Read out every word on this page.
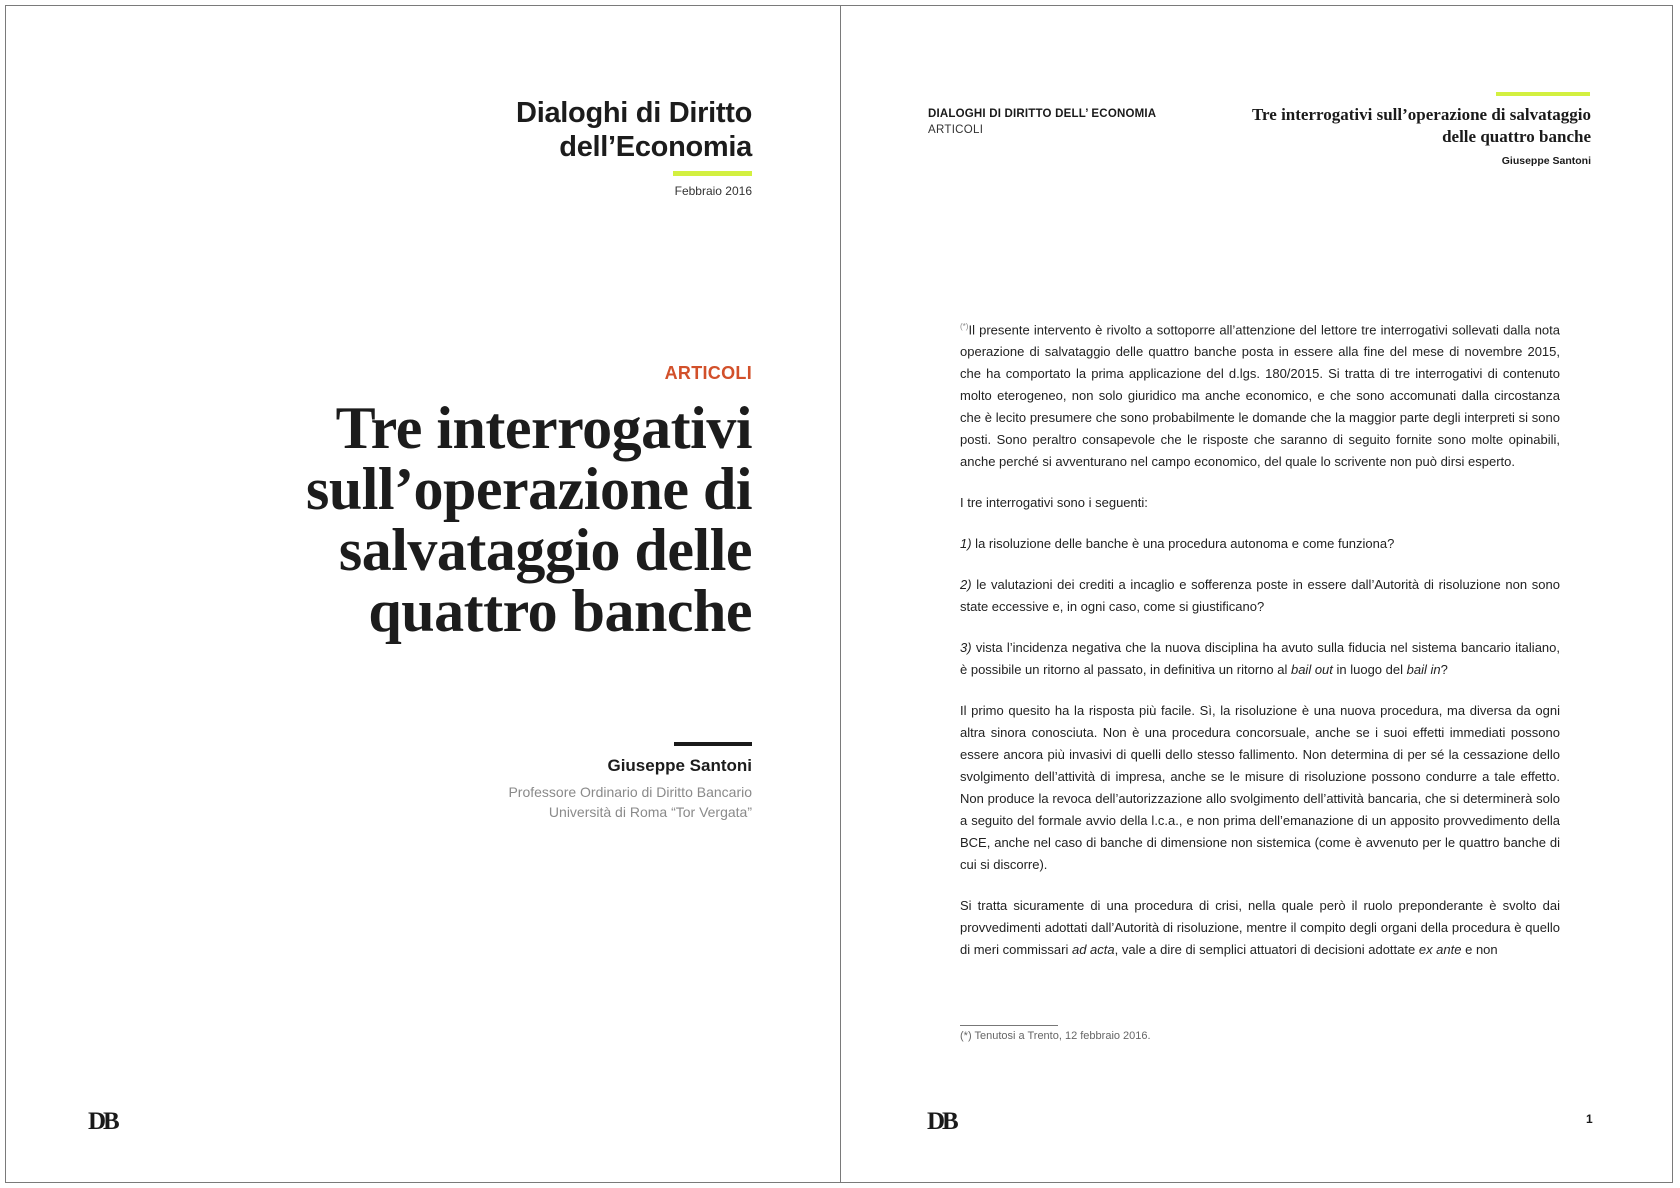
Dialoghi di Diritto
dell’Economia
Febbraio 2016
ARTICOLI
Tre interrogativi
sull’operazione di
salvataggio delle
quattro banche
Giuseppe Santoni
Professore Ordinario di Diritto Bancario
Università di Roma “Tor Vergata”
DB
DIALOGHI DI DIRITTO DELL’ ECONOMIA
ARTICOLI
Tre interrogativi sull’operazione di salvataggio
delle quattro banche
Giuseppe Santoni

(*)Il presente intervento è rivolto a sottoporre all’attenzione del lettore tre interrogativi sollevati dalla nota operazione di salvataggio delle quattro banche posta in essere alla fine del mese di novembre 2015, che ha comportato la prima applicazione del d.lgs. 180/2015. Si tratta di tre interrogativi di contenuto molto eterogeneo, non solo giuridico ma anche economico, e che sono accomunati dalla circostanza che è lecito presumere che sono probabilmente le domande che la maggior parte degli interpreti si sono posti. Sono peraltro consapevole che le risposte che saranno di seguito fornite sono molte opinabili, anche perché si avventurano nel campo economico, del quale lo scrivente non può dirsi esperto.

I tre interrogativi sono i seguenti:

1) la risoluzione delle banche è una procedura autonoma e come funziona?

2) le valutazioni dei crediti a incaglio e sofferenza poste in essere dall’Autorità di risoluzione non sono state eccessive e, in ogni caso, come si giustificano?

3) vista l’incidenza negativa che la nuova disciplina ha avuto sulla fiducia nel sistema bancario italiano, è possibile un ritorno al passato, in definitiva un ritorno al bail out in luogo del bail in?

Il primo quesito ha la risposta più facile. Sì, la risoluzione è una nuova procedura, ma diversa da ogni altra sinora conosciuta. Non è una procedura concorsuale, anche se i suoi effetti immediati possono essere ancora più invasivi di quelli dello stesso fallimento. Non determina di per sé la cessazione dello svolgimento dell’attività di impresa, anche se le misure di risoluzione possono condurre a tale effetto. Non produce la revoca dell’autorizzazione allo svolgimento dell’attività bancaria, che si determinerà solo a seguito del formale avvio della l.c.a., e non prima dell’emanazione di un apposito provvedimento della BCE, anche nel caso di banche di dimensione non sistemica (come è avvenuto per le quattro banche di cui si discorre).

Si tratta sicuramente di una procedura di crisi, nella quale però il ruolo preponderante è svolto dai provvedimenti adottati dall’Autorità di risoluzione, mentre il compito degli organi della procedura è quello di meri commissari ad acta, vale a dire di semplici attuatori di decisioni adottate ex ante e non

(*) Tenutosi a Trento, 12 febbraio 2016.
DB	1
